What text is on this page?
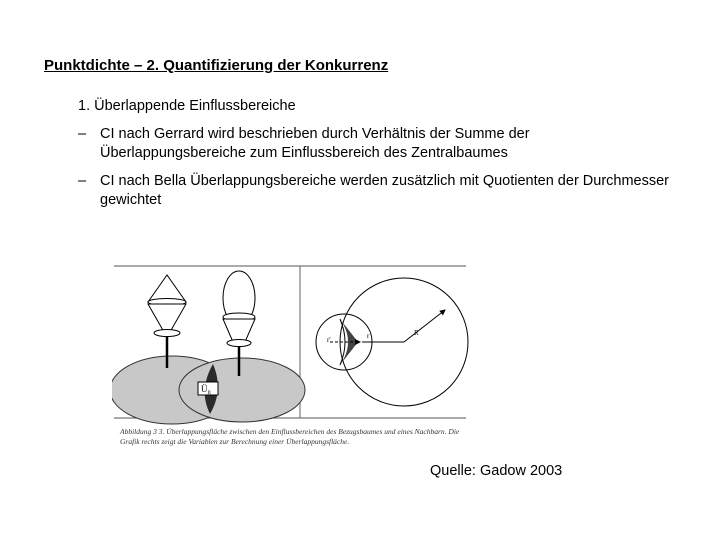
Punktdichte – 2. Quantifizierung der Konkurrenz
1. Überlappende Einflussbereiche
– CI nach Gerrard wird beschrieben durch Verhältnis der Summe der Überlappungsbereiche zum Einflussbereich des Zentralbaumes
– CI nach Bella Überlappungsbereiche werden zusätzlich mit Quotienten der Durchmesser gewichtet
$Ü_{ij}$
r'	r	R
Abbildung 3 3. Überlappungsfläche zwischen den Einflussbereichen des Bezugsbaumes und eines Nachbarn. Die
Grafik rechts zeigt die Variablen zur Berechnung einer Überlappungsfläche.
Quelle: Gadow 2003
